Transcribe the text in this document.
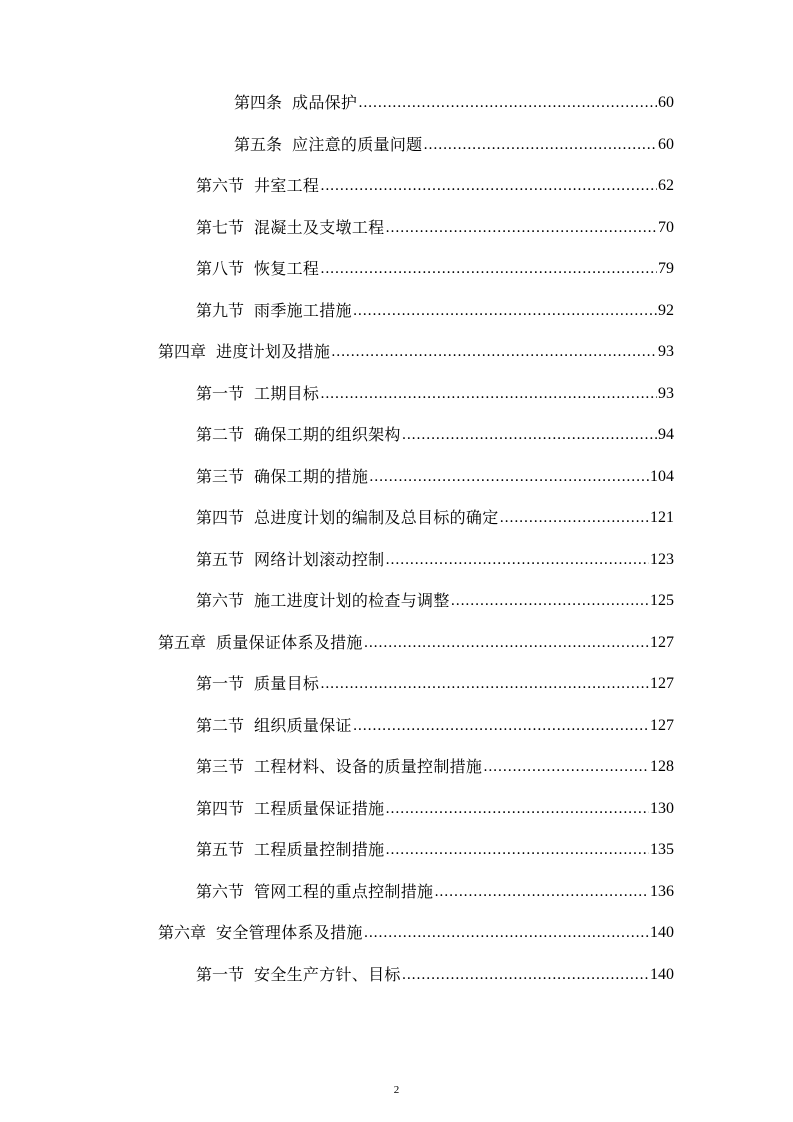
第四条 成品保护 .....	60
第五条 应注意的质量问题 .....	60
第六节 井室工程 .....	62
第七节 混凝土及支墩工程 .....	70
第八节 恢复工程 .....	79
第九节 雨季施工措施 .....	92
第四章 进度计划及措施 .....	93
第一节 工期目标 .....	93
第二节 确保工期的组织架构 .....	94
第三节 确保工期的措施 .....	104
第四节 总进度计划的编制及总目标的确定 .....	121
第五节 网络计划滚动控制 .....	123
第六节 施工进度计划的检查与调整 .....	125
第五章 质量保证体系及措施 .....	127
第一节 质量目标 .....	127
第二节 组织质量保证 .....	127
第三节 工程材料、设备的质量控制措施 .....	128
第四节 工程质量保证措施 .....	130
第五节 工程质量控制措施 .....	135
第六节 管网工程的重点控制措施 .....	136
第六章 安全管理体系及措施 .....	140
第一节 安全生产方针、目标 .....	140
2
